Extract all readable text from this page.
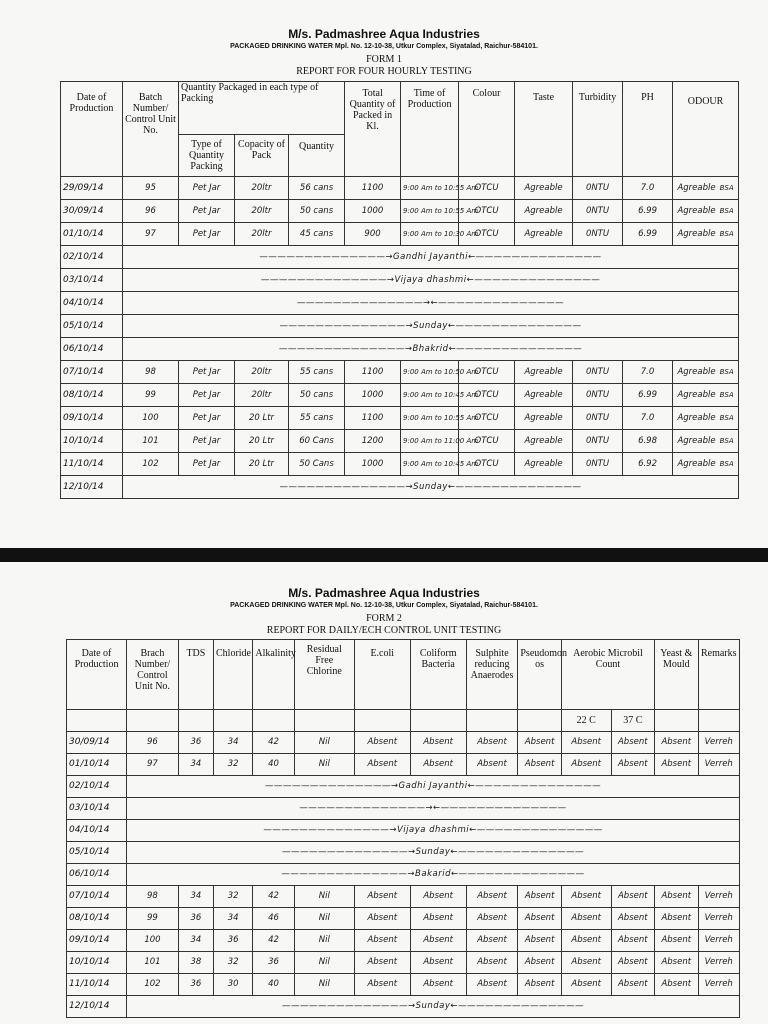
M/s. Padmashree Aqua Industries
PACKAGED DRINKING WATER Mpl. No. 12-10-38, Utkur Complex, Siyatalad, Raichur-584101.
FORM 1
REPORT FOR FOUR HOURLY TESTING
Date of Production	Batch Number/ Control Unit No.	Quantity Packaged in each type of Packing			Total Quantity of Packed in Kl.	Time of Production	Colour	Taste	Turbidity	PH	ODOUR
		Type of Quantity Packing	Copacity of Pack	Quantity							
29/09/14	95	Pet Jar	20ltr	56 cans	1100	9:00 Am to 10:55 Am	OTCU	Agreable	0NTU	7.0	Agreable BSA
30/09/14	96	Pet Jar	20ltr	50 cans	1000	9:00 Am to 10:55 Am	OTCU	Agreable	0NTU	6.99	Agreable BSA
01/10/14	97	Pet Jar	20ltr	45 cans	900	9:00 Am to 10:30 Am	OTCU	Agreable	0NTU	6.99	Agreable BSA
02/10/14	——————————————→Gandhi Jayanthi←——————————————										
03/10/14	——————————————→Vijaya dhashmi←——————————————										
04/10/14	——————————————→←——————————————										
05/10/14	——————————————→Sunday←——————————————										
06/10/14	——————————————→Bhakrid←——————————————										
07/10/14	98	Pet Jar	20ltr	55 cans	1100	9:00 Am to 10:50 Am	OTCU	Agreable	0NTU	7.0	Agreable BSA
08/10/14	99	Pet Jar	20ltr	50 cans	1000	9:00 Am to 10:45 Am	OTCU	Agreable	0NTU	6.99	Agreable BSA
09/10/14	100	Pet Jar	20 Ltr	55 cans	1100	9:00 Am to 10:55 Am	OTCU	Agreable	0NTU	7.0	Agreable BSA
10/10/14	101	Pet Jar	20 Ltr	60 Cans	1200	9:00 Am to 11:00 Am	OTCU	Agreable	0NTU	6.98	Agreable BSA
11/10/14	102	Pet Jar	20 Ltr	50 Cans	1000	9:00 Am to 10:45 Am	OTCU	Agreable	0NTU	6.92	Agreable BSA
12/10/14	——————————————→Sunday←——————————————										
M/s. Padmashree Aqua Industries
PACKAGED DRINKING WATER Mpl. No. 12-10-38, Utkur Complex, Siyatalad, Raichur-584101.
FORM 2
REPORT FOR DAILY/ECH CONTROL UNIT TESTING
Date of Production	Brach Number/ Control Unit No.	TDS	Chloride	Alkalinity	Residual Free Chlorine	E.coli	Coliform Bacteria	Sulphite reducing Anaerodes	Pseudomon os	Aerobic Microbil Count		Yeast & Mould	Remarks
										22 C	37 C		
30/09/14	96	36	34	42	Nil	Absent	Absent	Absent	Absent	Absent	Absent	Absent	Verreh
01/10/14	97	34	32	40	Nil	Absent	Absent	Absent	Absent	Absent	Absent	Absent	Verreh
02/10/14	——————————————→Gadhi Jayanthi←——————————————												
03/10/14	——————————————→←——————————————												
04/10/14	——————————————→Vijaya dhashmi←——————————————												
05/10/14	——————————————→Sunday←——————————————												
06/10/14	——————————————→Bakarid←——————————————												
07/10/14	98	34	32	42	Nil	Absent	Absent	Absent	Absent	Absent	Absent	Absent	Verreh
08/10/14	99	36	34	46	Nil	Absent	Absent	Absent	Absent	Absent	Absent	Absent	Verreh
09/10/14	100	34	36	42	Nil	Absent	Absent	Absent	Absent	Absent	Absent	Absent	Verreh
10/10/14	101	38	32	36	Nil	Absent	Absent	Absent	Absent	Absent	Absent	Absent	Verreh
11/10/14	102	36	30	40	Nil	Absent	Absent	Absent	Absent	Absent	Absent	Absent	Verreh
12/10/14	——————————————→Sunday←——————————————												
